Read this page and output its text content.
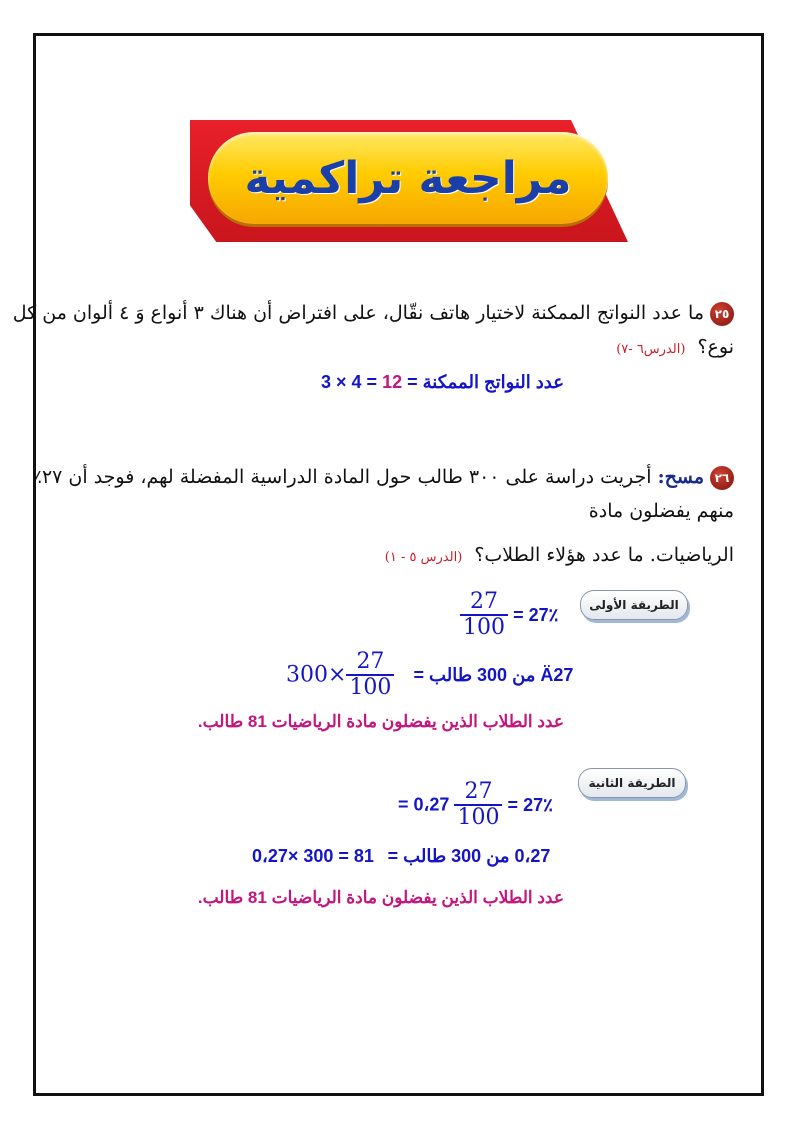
مراجعة تراكمية
٢٥ما عدد النواتج الممكنة لاختيار هاتف نقّال، على افتراض أن هناك ٣ أنواع وَ ٤ ألوان من كل نوع؟ (الدرس٦ -٧)
عدد النواتج الممكنة = 3 × 4 = 12
٢٦مسح: أجريت دراسة على ٣٠٠ طالب حول المادة الدراسية المفضلة لهم، فوجد أن ٢٧٪ منهم يفضلون مادة
الرياضيات. ما عدد هؤلاء الطلاب؟ (الدرس ٥ - ١)
الطريقة الأولى
$\frac{27}{100}$ 27٪ =
$300\times \frac{27}{100}$ Ä27 من 300 طالب =
عدد الطلاب الذين يفضلون مادة الرياضيات 81 طالب.
الطريقة الثانية
= 0،27 $\frac{27}{100}$ 27٪ =
0،27× 300 = 81 0،27 من 300 طالب =
عدد الطلاب الذين يفضلون مادة الرياضيات 81 طالب.
